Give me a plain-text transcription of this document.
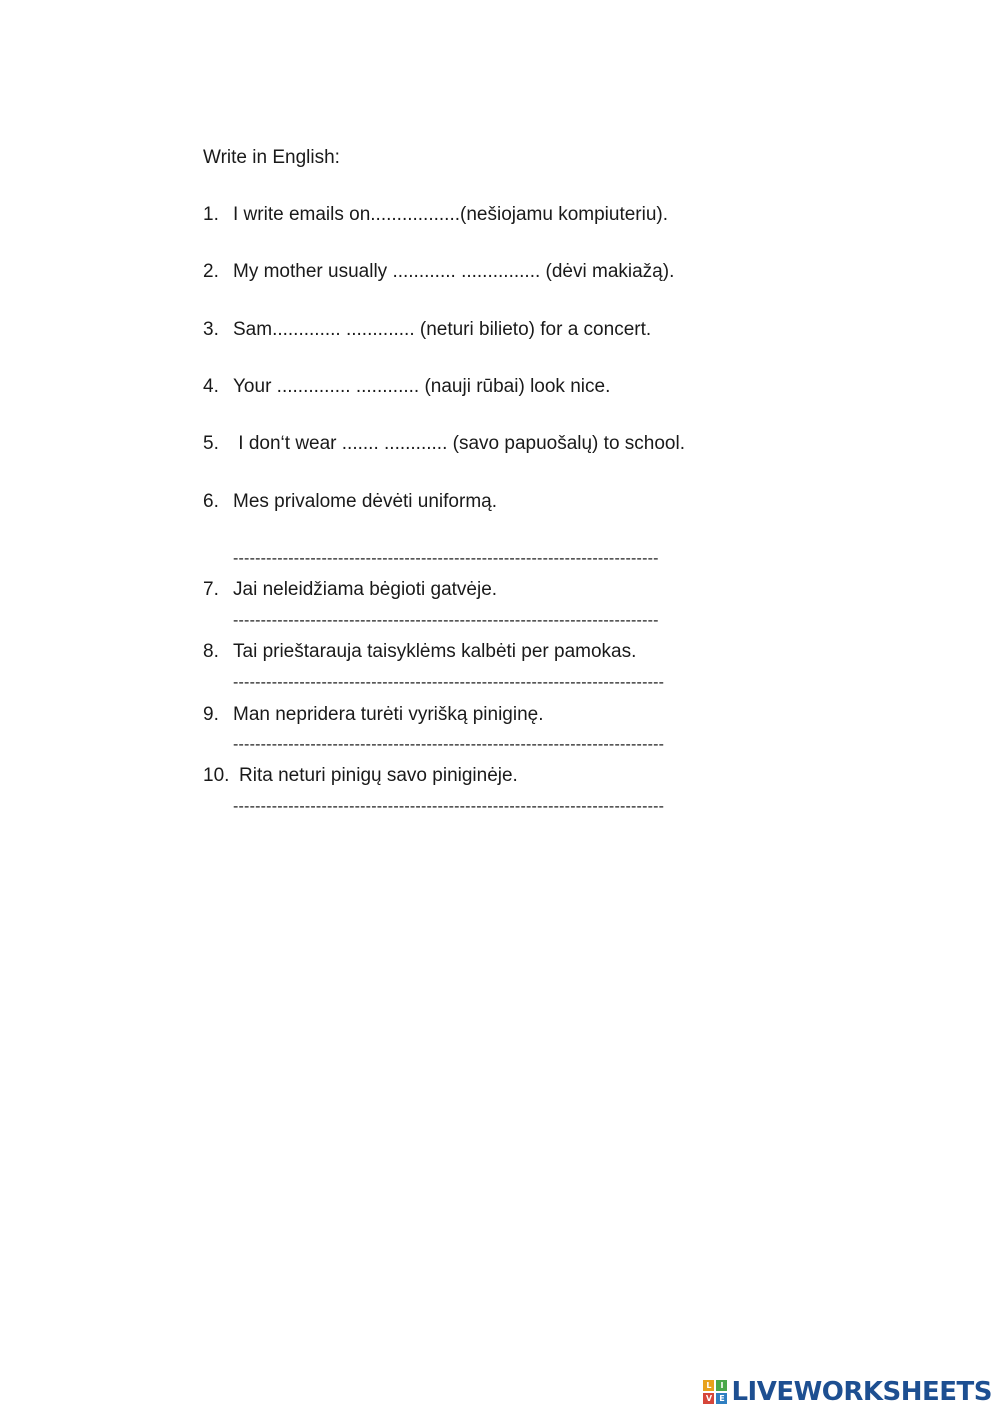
Write in English:
1. I write emails on.................(nešiojamu kompiuteriu).
2. My mother usually ............ ............... (dėvi makiažą).
3. Sam............. ............. (neturi bilieto) for a concert.
4. Your .............. ............ (nauji rūbai) look nice.
5. I don‘t wear ....... ............ (savo papuošalų) to school.
6. Mes privalome dėvėti uniformą.
-----------------------------------------------------------------------------
7. Jai neleidžiama bėgioti gatvėje.
-----------------------------------------------------------------------------
8. Tai prieštarauja taisyklėms kalbėti per pamokas.
------------------------------------------------------------------------------
9. Man nepridera turėti vyrišką piniginę.
------------------------------------------------------------------------------
10. Rita neturi pinigų savo piniginėje.
------------------------------------------------------------------------------
L	I
V E LIVEWORKSHEETS
